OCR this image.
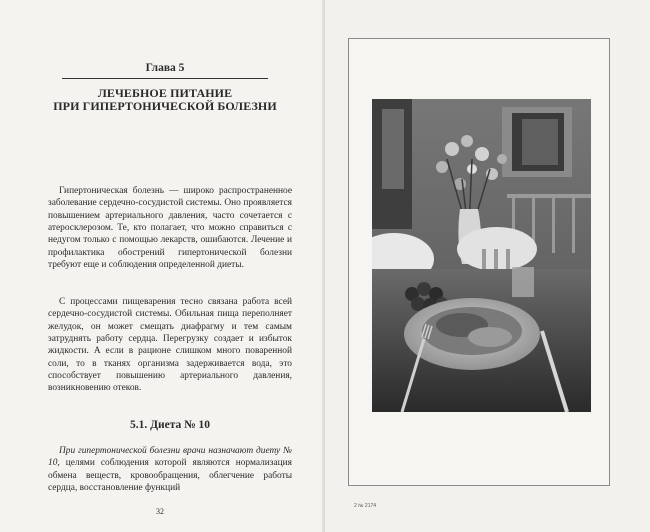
Глава 5
ЛЕЧЕБНОЕ ПИТАНИЕ
ПРИ ГИПЕРТОНИЧЕСКОЙ БОЛЕЗНИ

Гипертоническая болезнь — широко распространенное заболевание сердечно-сосудистой системы. Оно проявляется повышением артериального давления, часто сочетается с атеросклерозом. Те, кто полагает, что можно справиться с недугом только с помощью лекарств, ошибаются. Лечение и профилактика обострений гипертонической болезни требуют еще и соблюдения определенной диеты.

С процессами пищеварения тесно связана работа всей сердечно-сосудистой системы. Обильная пища переполняет желудок, он может смещать диафрагму и тем самым затруднять работу сердца. Перегрузку создает и избыток жидкости. А если в рационе слишком много поваренной соли, то в тканях организма задерживается вода, это способствует повышению артериального давления, возникновению отеков.

5.1. Диета № 10

При гипертонической болезни врачи назначают диету № 10, целями соблюдения которой являются нормализация обмена веществ, кровообращения, облегчение работы сердца, восстановление функций

32
2 № 2174
